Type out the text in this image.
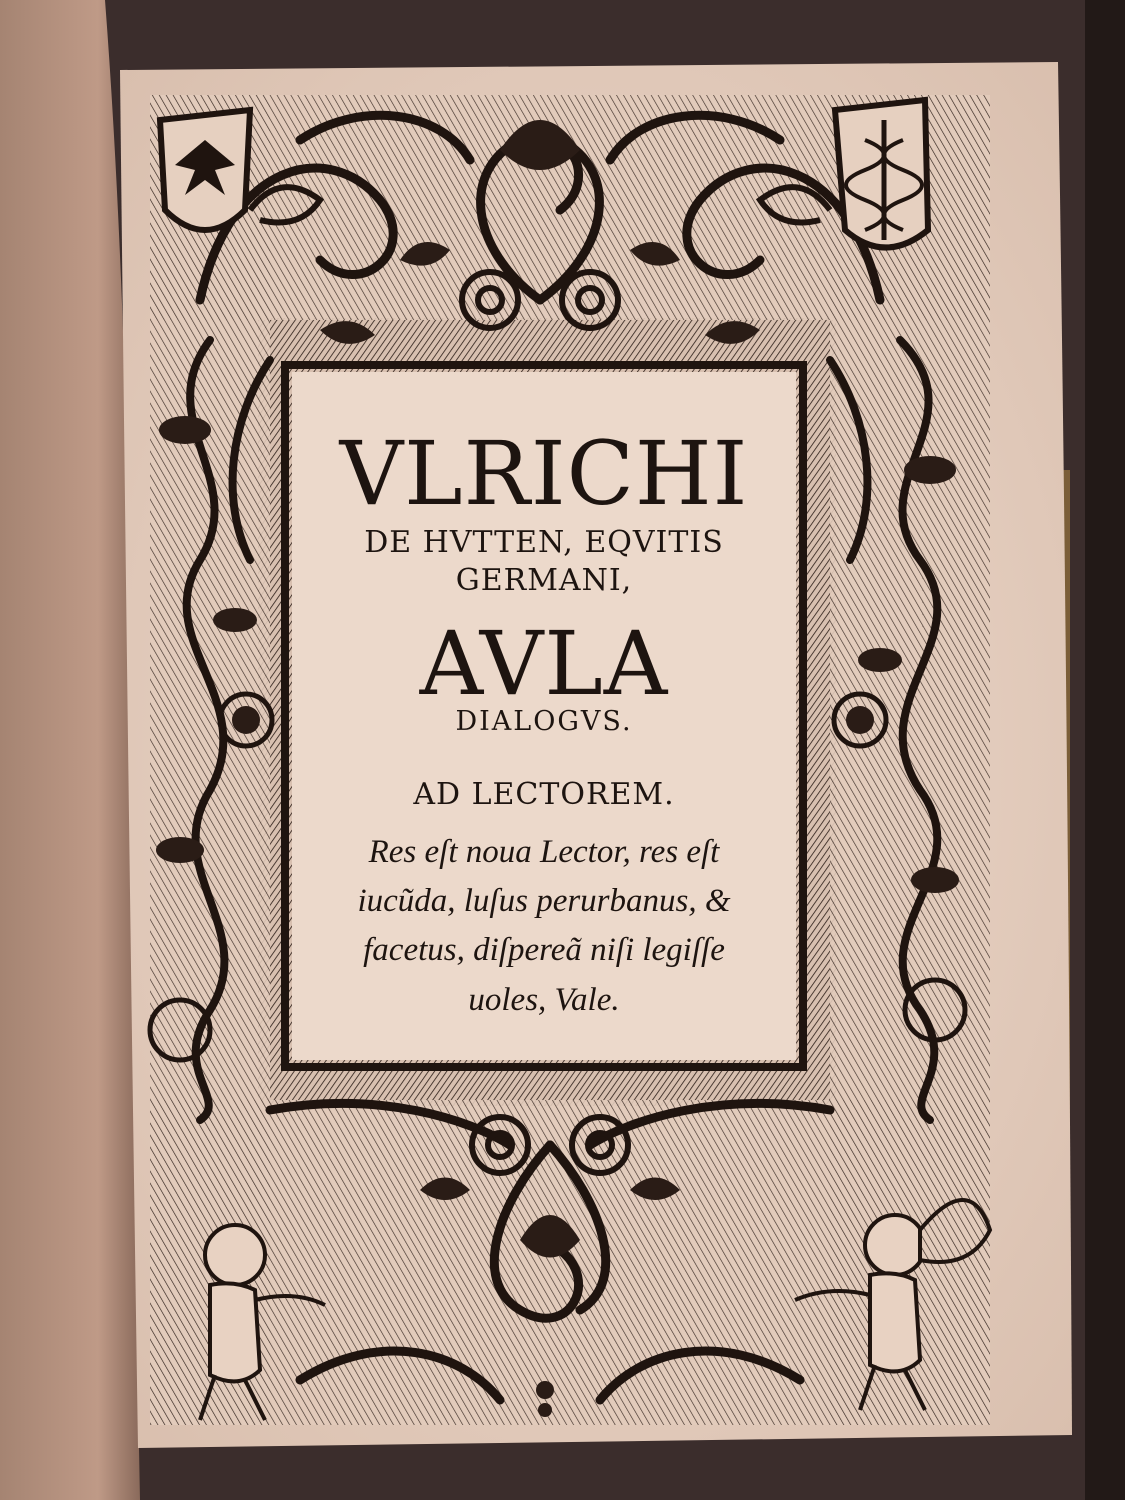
VLRICHI
DE HVTTEN, EQVITIS
GERMANI,
AVLA
DIALOGVS.
AD LECTOREM.
Res eſt noua Lector, res eſt
iucũda, luſus perurbanus, &
facetus, diſpereã niſi legiſſe
uoles, Vale.
